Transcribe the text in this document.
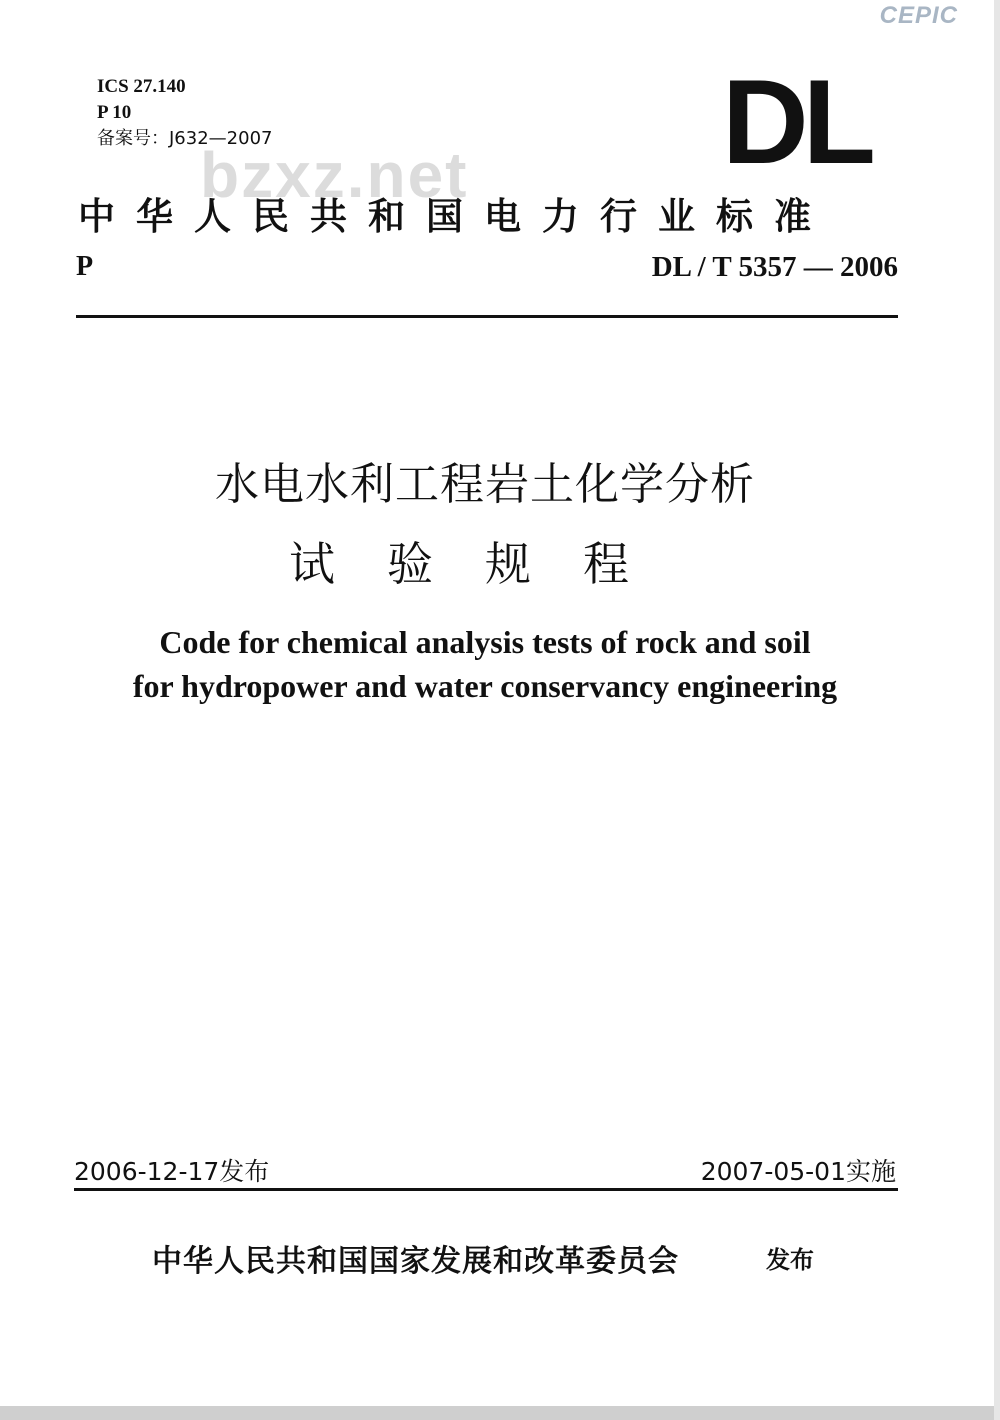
CEPIC
ICS 27.140
P 10
备案号：J632—2007
bzxz.net DL
中华人民共和国电力行业标准
P	DL / T 5357 — 2006
水电水利工程岩土化学分析
试验规程
Code for chemical analysis tests of rock and soil
for hydropower and water conservancy engineering
2006-12-17发布	2007-05-01实施
中华人民共和国国家发展和改革委员会	发布
